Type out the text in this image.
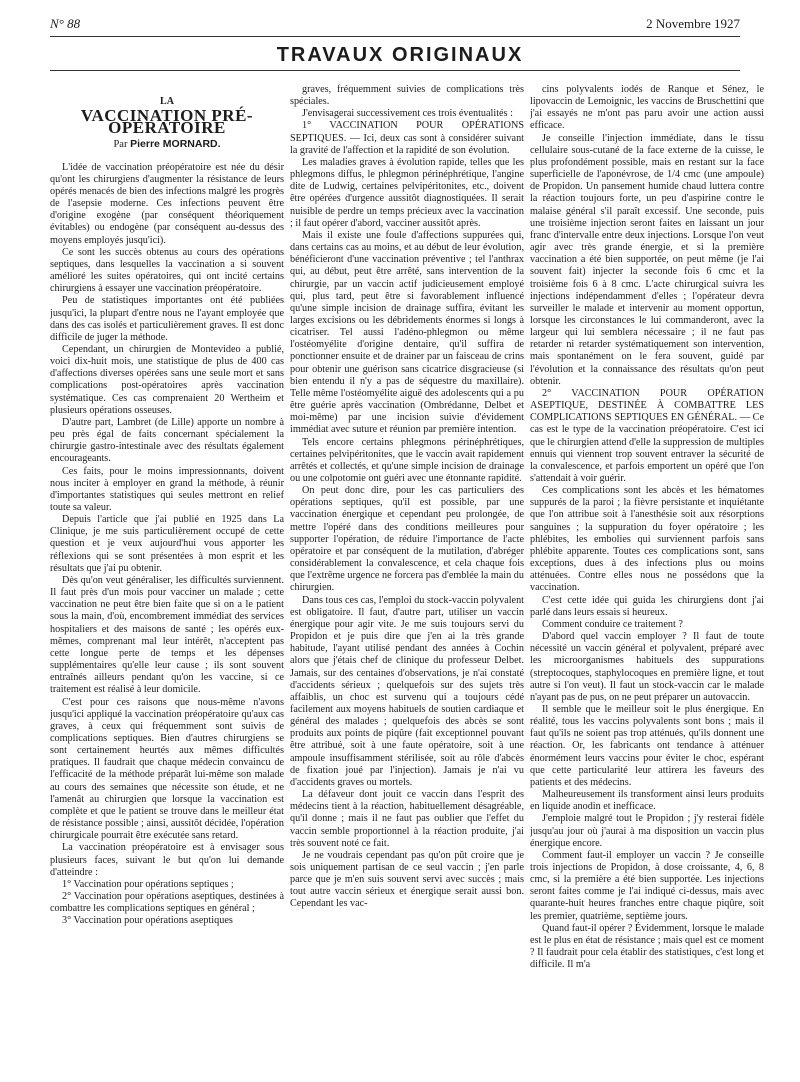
N° 88	2 Novembre 1927
TRAVAUX ORIGINAUX
LA
VACCINATION PRÉ-OPÉRATOIRE
Par Pierre MORNARD.

L'idée de vaccination préopératoire est née du désir qu'ont les chirurgiens d'augmenter la résistance de leurs opérés menacés de bien des infections malgré les progrès de l'asepsie moderne. Ces infections peuvent être d'origine exogène (par conséquent théoriquement évitables) ou endogène (par conséquent au-dessus des moyens employés jusqu'ici).

Ce sont les succès obtenus au cours des opérations septiques, dans lesquelles la vaccination a si souvent amélioré les suites opératoires, qui ont incité certains chirurgiens à essayer une vaccination préopératoire.

Peu de statistiques importantes ont été publiées jusqu'ici, la plupart d'entre nous ne l'ayant employée que dans des cas isolés et particulièrement graves. Il est donc difficile de juger la méthode.

Cependant, un chirurgien de Montevideo a publié, voici dix-huit mois, une statistique de plus de 400 cas d'affections diverses opérées sans une seule mort et sans complications post-opératoires après vaccination systématique. Ces cas comprenaient 20 Wertheim et plusieurs opérations osseuses.

D'autre part, Lambret (de Lille) apporte un nombre à peu près égal de faits concernant spécialement la chirurgie gastro-intestinale avec des résultats également encourageants.

Ces faits, pour le moins impressionnants, doivent nous inciter à employer en grand la méthode, à réunir d'importantes statistiques qui seules mettront en relief toute sa valeur.

Depuis l'article que j'ai publié en 1925 dans La Clinique, je me suis particulièrement occupé de cette question et je veux aujourd'hui vous apporter les réflexions qui se sont présentées à mon esprit et les résultats que j'ai pu obtenir.

Dès qu'on veut généraliser, les difficultés surviennent. Il faut près d'un mois pour vacciner un malade ; cette vaccination ne peut être bien faite que si on a le patient sous la main, d'où, encombrement immédiat des services hospitaliers et des maisons de santé ; les opérés eux-mêmes, comprenant mal leur intérêt, n'acceptent pas cette longue perte de temps et les dépenses supplémentaires qu'elle leur cause ; ils sont souvent entraînés ailleurs pendant qu'on les vaccine, si ce traitement est réalisé à leur domicile.

C'est pour ces raisons que nous-même n'avons jusqu'ici appliqué la vaccination préopératoire qu'aux cas graves, à ceux qui fréquemment sont suivis de complications septiques. Bien d'autres chirurgiens se sont certainement heurtés aux mêmes difficultés pratiques. Il faudrait que chaque médecin convaincu de l'efficacité de la méthode préparât lui-même son malade au cours des semaines que nécessite son étude, et ne l'amenât au chirurgien que lorsque la vaccination est complète et que le patient se trouve dans le meilleur état de résistance possible ; ainsi, aussitôt décidée, l'opération chirurgicale pourrait être exécutée sans retard.

La vaccination préopératoire est à envisager sous plusieurs faces, suivant le but qu'on lui demande d'atteindre :

1° Vaccination pour opérations septiques ;

2° Vaccination pour opérations aseptiques, destinées à combattre les complications septiques en général ;

3° Vaccination pour opérations aseptiques

graves, fréquemment suivies de complications très spéciales.

J'envisagerai successivement ces trois éventualités :

1° VACCINATION POUR OPÉRATIONS SEPTIQUES. — Ici, deux cas sont à considérer suivant la gravité de l'affection et la rapidité de son évolution.

Les maladies graves à évolution rapide, telles que les phlegmons diffus, le phlegmon périnéphrétique, l'angine dite de Ludwig, certaines pelvipéritonites, etc., doivent être opérées d'urgence aussitôt diagnostiquées. Il serait nuisible de perdre un temps précieux avec la vaccination ; il faut opérer d'abord, vacciner aussitôt après.

Mais il existe une foule d'affections suppurées qui, dans certains cas au moins, et au début de leur évolution, bénéficieront d'une vaccination préventive ; tel l'anthrax qui, au début, peut être arrêté, sans intervention de la chirurgie, par un vaccin actif judicieusement employé qui, plus tard, peut être si favorablement influencé qu'une simple incision de drainage suffira, évitant les larges excisions ou les débridements énormes si longs à cicatriser. Tel aussi l'adéno-phlegmon ou même l'ostéomyélite d'origine dentaire, qu'il suffira de ponctionner ensuite et de drainer par un faisceau de crins pour obtenir une guérison sans cicatrice disgracieuse (si bien entendu il n'y a pas de séquestre du maxillaire). Telle même l'ostéomyélite aiguë des adolescents qui a pu être guérie après vaccination (Ombrédanne, Delbet et moi-même) par une incision suivie d'évidement immédiat avec suture et réunion par première intention.

Tels encore certains phlegmons périnéphrétiques, certaines pelvipéritonites, que le vaccin avait rapidement arrêtés et collectés, et qu'une simple incision de drainage ou une colpotomie ont guéri avec une étonnante rapidité.

On peut donc dire, pour les cas particuliers des opérations septiques, qu'il est possible, par une vaccination énergique et cependant peu prolongée, de mettre l'opéré dans des conditions meilleures pour supporter l'opération, de réduire l'importance de l'acte opératoire et par conséquent de la mutilation, d'abréger considérablement la convalescence, et cela chaque fois que l'extrême urgence ne forcera pas d'emblée la main du chirurgien.

Dans tous ces cas, l'emploi du stock-vaccin polyvalent est obligatoire. Il faut, d'autre part, utiliser un vaccin énergique pour agir vite. Je me suis toujours servi du Propidon et je puis dire que j'en ai la très grande habitude, l'ayant utilisé pendant des années à Cochin alors que j'étais chef de clinique du professeur Delbet. Jamais, sur des centaines d'observations, je n'ai constaté d'accidents sérieux ; quelquefois sur des sujets très affaiblis, un choc est survenu qui a toujours cédé facilement aux moyens habituels de soutien cardiaque et général des malades ; quelquefois des abcès se sont produits aux points de piqûre (fait exceptionnel pouvant être attribué, soit à une faute opératoire, soit à une ampoule insuffisamment stérilisée, soit au rôle d'abcès de fixation joué par l'injection). Jamais je n'ai vu d'accidents graves ou mortels.

La défaveur dont jouit ce vaccin dans l'esprit des médecins tient à la réaction, habituellement désagréable, qu'il donne ; mais il ne faut pas oublier que l'effet du vaccin semble proportionnel à la réaction produite, j'ai très souvent noté ce fait.

Je ne voudrais cependant pas qu'on pût croire que je sois uniquement partisan de ce seul vaccin ; j'en parle parce que je m'en suis souvent servi avec succès ; mais tout autre vaccin sérieux et énergique serait aussi bon. Cependant les vac-

cins polyvalents iodés de Ranque et Sénez, le lipovaccin de Lemoignic, les vaccins de Bruschettini que j'ai essayés ne m'ont pas paru avoir une action aussi efficace.

Je conseille l'injection immédiate, dans le tissu cellulaire sous-cutané de la face externe de la cuisse, le plus profondément possible, mais en restant sur la face superficielle de l'aponévrose, de 1/4 cmc (une ampoule) de Propidon. Un pansement humide chaud luttera contre la réaction toujours forte, un peu d'aspirine contre le malaise général s'il paraît excessif. Une seconde, puis une troisième injection seront faites en laissant un jour franc d'intervalle entre deux injections. Lorsque l'on veut agir avec très grande énergie, et si la première vaccination a été bien supportée, on peut même (je l'ai souvent fait) injecter la seconde fois 6 cmc et la troisième fois 6 à 8 cmc. L'acte chirurgical suivra les injections indépendamment d'elles ; l'opérateur devra surveiller le malade et intervenir au moment opportun, lorsque les circonstances le lui commanderont, avec la largeur qui lui semblera nécessaire ; il ne faut pas retarder ni retarder systématiquement son intervention, mais spontanément on le fera souvent, guidé par l'évolution et la connaissance des résultats qu'on peut obtenir.

2° VACCINATION POUR OPÉRATION ASEPTIQUE, DESTINÉE À COMBATTRE LES COMPLICATIONS SEPTIQUES EN GÉNÉRAL. — Ce cas est le type de la vaccination préopératoire. C'est ici que le chirurgien attend d'elle la suppression de multiples ennuis qui viennent trop souvent entraver la sécurité de la convalescence, et parfois emportent un opéré que l'on s'attendait à voir guérir.

Ces complications sont les abcès et les hématomes suppurés de la paroi ; la fièvre persistante et inquiétante que l'on attribue soit à l'anesthésie soit aux résorptions sanguines ; la suppuration du foyer opératoire ; les phlébites, les embolies qui surviennent parfois sans phlébite apparente. Toutes ces complications sont, sans exceptions, dues à des infections plus ou moins atténuées. Contre elles nous ne possédons que la vaccination.

C'est cette idée qui guida les chirurgiens dont j'ai parlé dans leurs essais si heureux.

Comment conduire ce traitement ?

D'abord quel vaccin employer ? Il faut de toute nécessité un vaccin général et polyvalent, préparé avec les microorganismes habituels des suppurations (streptocoques, staphylocoques en première ligne, et tout autre si l'on veut). Il faut un stock-vaccin car le malade n'ayant pas de pus, on ne peut préparer un autovaccin.

Il semble que le meilleur soit le plus énergique. En réalité, tous les vaccins polyvalents sont bons ; mais il faut qu'ils ne soient pas trop atténués, qu'ils donnent une réaction. Or, les fabricants ont tendance à atténuer énormément leurs vaccins pour éviter le choc, espérant que cette particularité leur attirera les faveurs des patients et des médecins.

Malheureusement ils transforment ainsi leurs produits en liquide anodin et inefficace.

J'emploie malgré tout le Propidon ; j'y resterai fidèle jusqu'au jour où j'aurai à ma disposition un vaccin plus énergique encore.

Comment faut-il employer un vaccin ? Je conseille trois injections de Propidon, à dose croissante, 4, 6, 8 cmc, si la première a été bien supportée. Les injections seront faites comme je l'ai indiqué ci-dessus, mais avec quarante-huit heures franches entre chaque piqûre, soit les premier, quatrième, septième jours.

Quand faut-il opérer ? Évidemment, lorsque le malade est le plus en état de résistance ; mais quel est ce moment ? Il faudrait pour cela établir des statistiques, c'est long et difficile. Il m'a
